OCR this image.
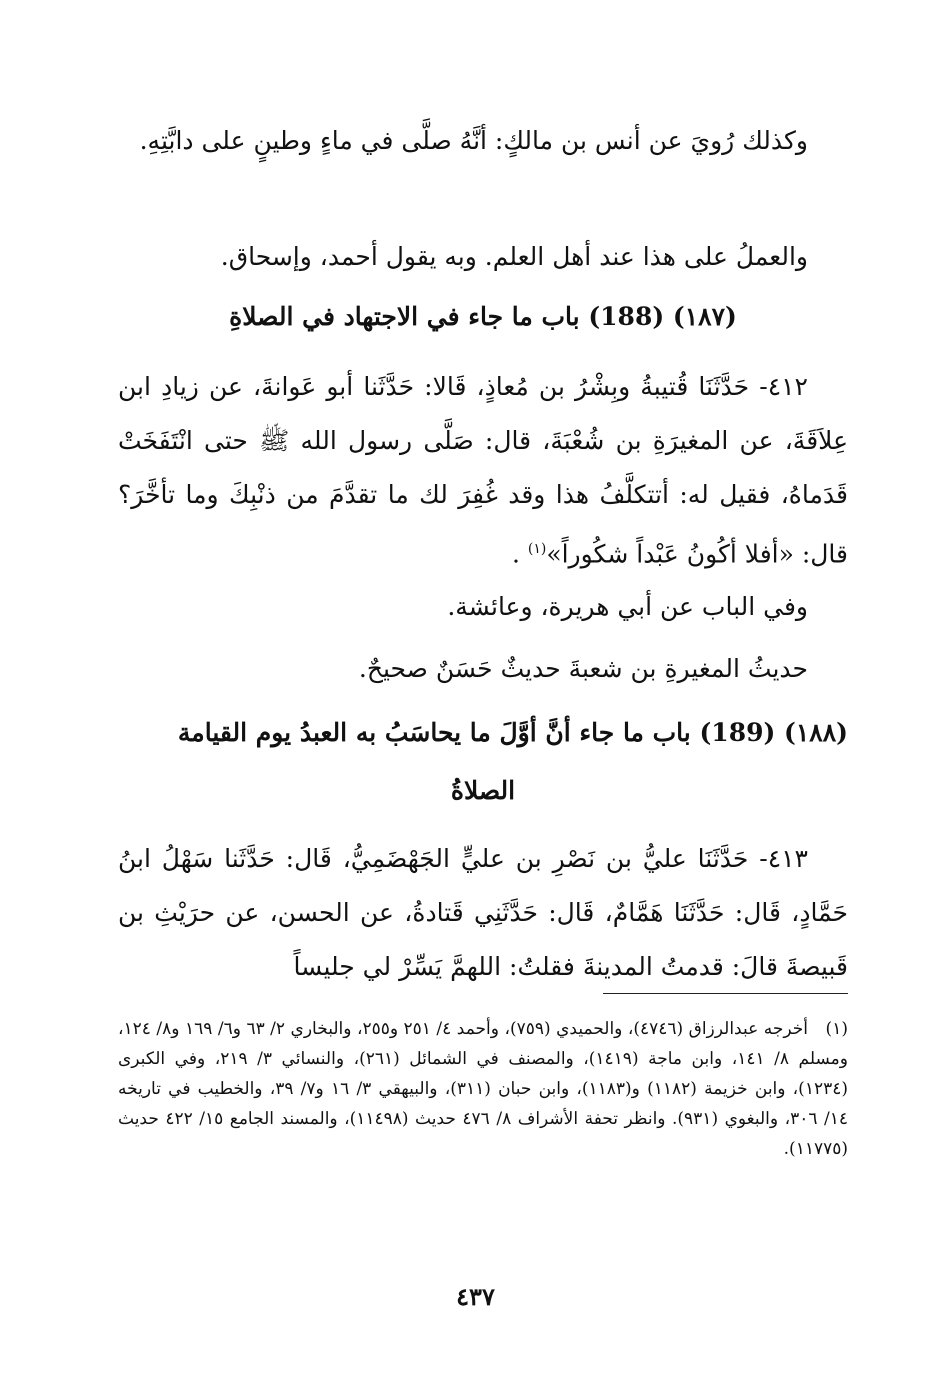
وكذلك رُويَ عن أنس بن مالكٍ: أنَّهُ صلَّى في ماءٍ وطينٍ على دابَّتِهِ.
والعملُ على هذا عند أهل العلم. وبه يقول أحمد، وإسحاق.
(١٨٧) (188) باب ما جاء في الاجتهاد في الصلاةِ
٤١٢- حَدَّثَنَا قُتيبةُ وبِشْرُ بن مُعاذٍ، قَالا: حَدَّثَنا أبو عَوانةَ، عن زيادِ ابن عِلاَقَةَ، عن المغيرَةِ بن شُعْبَةَ، قال: صَلَّى رسول الله ﷺ حتى انْتَفَخَتْ قَدَماهُ، فقيل له: أتتكلَّفُ هذا وقد غُفِرَ لك ما تقدَّمَ من ذنْبِكَ وما تأخَّرَ؟ قال: «أفلا أكُونُ عَبْداً شكُوراً»$^{(١)}$ .
وفي الباب عن أبي هريرة، وعائشة.
حديثُ المغيرةِ بن شعبةَ حديثٌ حَسَنٌ صحيحٌ.
(١٨٨) (189) باب ما جاء أنَّ أوَّلَ ما يحاسَبُ به العبدُ يوم القيامة
الصلاةُ
٤١٣- حَدَّثَنَا عليُّ بن نَصْرِ بن عليٍّ الجَهْضَمِيُّ، قَال: حَدَّثَنا سَهْلُ ابنُ حَمَّادٍ، قَال: حَدَّثَنَا هَمَّامٌ، قَال: حَدَّثَنِي قَتادةُ، عن الحسن، عن حرَيْثِ بن قَبيصةَ قالَ: قدمتُ المدينةَ فقلتُ: اللهمَّ يَسِّرْ لي جليساً
(١)أخرجه عبدالرزاق (٤٧٤٦)، والحميدي (٧٥٩)، وأحمد ٤/ ٢٥١ و٢٥٥، والبخاري ٢/ ٦٣ و٦/ ١٦٩ و٨/ ١٢٤، ومسلم ٨/ ١٤١، وابن ماجة (١٤١٩)، والمصنف في الشمائل (٢٦١)، والنسائي ٣/ ٢١٩، وفي الكبرى (١٢٣٤)، وابن خزيمة (١١٨٢) و(١١٨٣)، وابن حبان (٣١١)، والبيهقي ٣/ ١٦ و٧/ ٣٩، والخطيب في تاريخه ١٤/ ٣٠٦، والبغوي (٩٣١). وانظر تحفة الأشراف ٨/ ٤٧٦ حديث (١١٤٩٨)، والمسند الجامع ١٥/ ٤٢٢ حديث (١١٧٧٥).
٤٣٧
